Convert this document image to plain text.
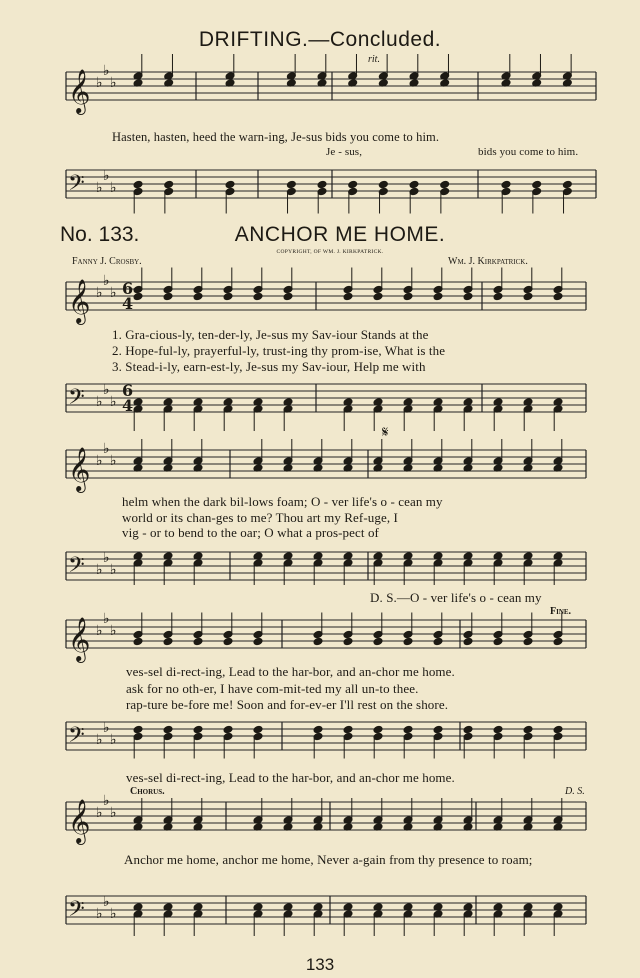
DRIFTING.—Concluded.
𝄞 ♭
♭
♭
𝄢 ♭
♭
♭
𝄞 ♭
♭
♭
𝄢 ♭
♭
♭
𝄞 ♭
♭
♭
𝄢 ♭
♭
♭
𝄞 ♭
♭
♭
𝄢 ♭
♭
♭
𝄞 ♭
♭
♭
𝄢 ♭
♭
♭
6
4
6
4
rit.
Hasten, hasten, heed the warn-ing, Je-sus bids you come to him.
Je - sus,	bids you come to him.
No. 133.	ANCHOR ME HOME.
COPYRIGHT, OF WM. J. KIRKPATRICK.
Fanny J. Crosby.	Wm. J. Kirkpatrick.
1. Gra-cious-ly, ten-der-ly, Je-sus my Sav-iour Stands at the
2. Hope-ful-ly, prayerful-ly, trust-ing thy prom-ise, What is the
3. Stead-i-ly, earn-est-ly, Je-sus my Sav-iour, Help me with
𝄋
helm when the dark bil-lows foam; O - ver life's o - cean my
world or its chan-ges to me? Thou art my Ref-uge, I
vig - or to bend to the oar; O what a pros-pect of
D. S.—O - ver life's o - cean my
Fine.
ves-sel di-rect-ing, Lead to the har-bor, and an-chor me home.
ask for no oth-er, I have com-mit-ted my all un-to thee.
rap-ture be-fore me! Soon and for-ev-er I'll rest on the shore.
ves-sel di-rect-ing, Lead to the har-bor, and an-chor me home.
Chorus.	D. S.
Anchor me home, anchor me home, Never a-gain from thy presence to roam;
133
